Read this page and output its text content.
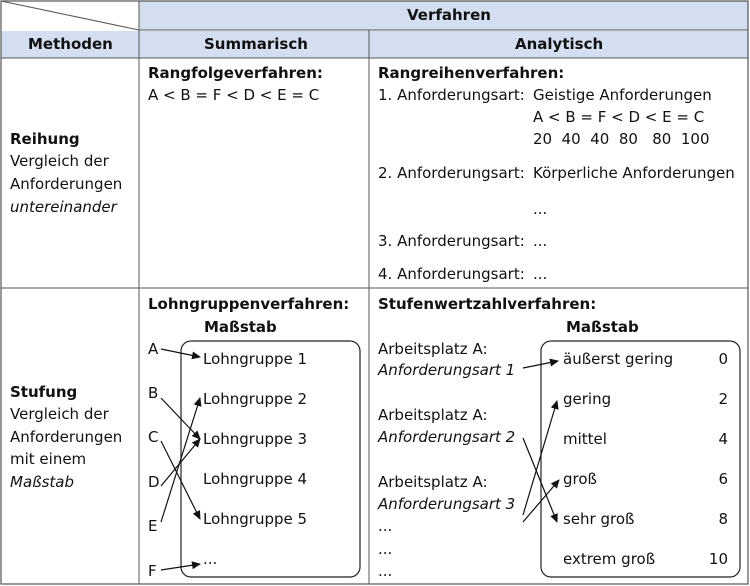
Verfahren
Methoden	Summarisch	Analytisch
Reihung
Vergleich der
Anforderungen
untereinander
Rangfolgeverfahren:
A < B = F < D < E = C
Rangreihenverfahren:
1. Anforderungsart: Geistige Anforderungen
A < B = F < D < E = C
20  40  40  80   80  100
2. Anforderungsart: Körperliche Anforderungen
...
3. Anforderungsart: ...
4. Anforderungsart: ...
Stufung
Vergleich der
Anforderungen
mit einem
Maßstab
Lohngruppenverfahren:
Maßstab
A
B
C
D
E
F
Lohngruppe 1
Lohngruppe 2
Lohngruppe 3
Lohngruppe 4
Lohngruppe 5
...
Stufenwertzahlverfahren:
Maßstab
Arbeitsplatz A:
Anforderungsart 1
Arbeitsplatz A:
Anforderungsart 2
Arbeitsplatz A:
Anforderungsart 3
...
...
...
äußerst gering
gering
mittel
groß
sehr groß
extrem groß
0
2
4
6
8
10
